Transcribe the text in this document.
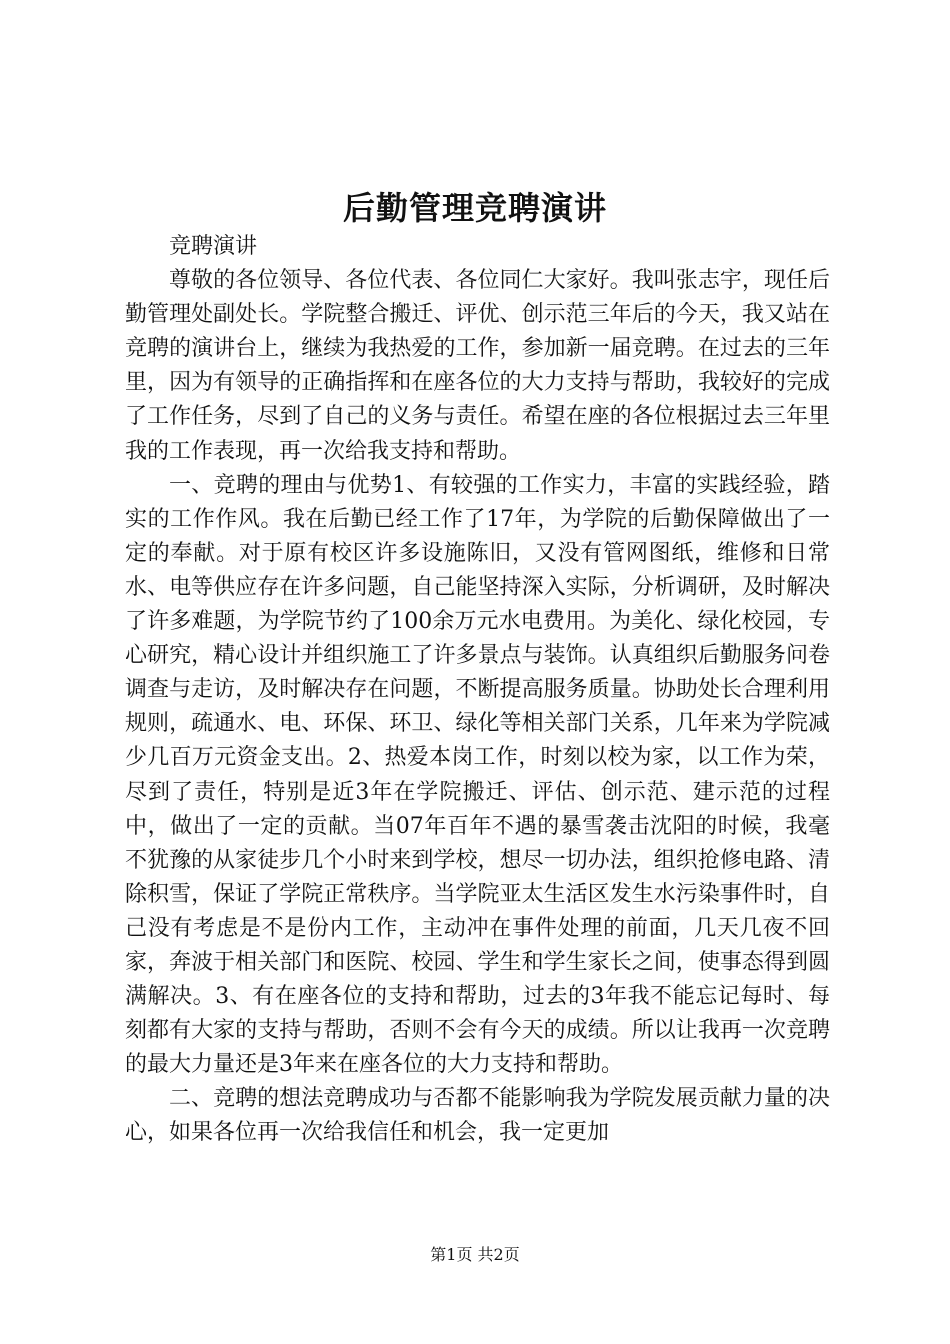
后勤管理竞聘演讲

竞聘演讲

尊敬的各位领导、各位代表、各位同仁大家好。我叫张志宇，现任后勤管理处副处长。学院整合搬迁、评优、创示范三年后的今天，我又站在竞聘的演讲台上，继续为我热爱的工作，参加新一届竞聘。在过去的三年里，因为有领导的正确指挥和在座各位的大力支持与帮助，我较好的完成了工作任务，尽到了自己的义务与责任。希望在座的各位根据过去三年里我的工作表现，再一次给我支持和帮助。

一、竞聘的理由与优势1、有较强的工作实力，丰富的实践经验，踏实的工作作风。我在后勤已经工作了17年，为学院的后勤保障做出了一定的奉献。对于原有校区许多设施陈旧，又没有管网图纸，维修和日常水、电等供应存在许多问题，自己能坚持深入实际，分析调研，及时解决了许多难题，为学院节约了100余万元水电费用。为美化、绿化校园，专心研究，精心设计并组织施工了许多景点与装饰。认真组织后勤服务问卷调查与走访，及时解决存在问题，不断提高服务质量。协助处长合理利用规则，疏通水、电、环保、环卫、绿化等相关部门关系，几年来为学院减少几百万元资金支出。2、热爱本岗工作，时刻以校为家，以工作为荣，尽到了责任，特别是近3年在学院搬迁、评估、创示范、建示范的过程中，做出了一定的贡献。当07年百年不遇的暴雪袭击沈阳的时候，我毫不犹豫的从家徒步几个小时来到学校，想尽一切办法，组织抢修电路、清除积雪，保证了学院正常秩序。当学院亚太生活区发生水污染事件时，自己没有考虑是不是份内工作，主动冲在事件处理的前面，几天几夜不回家，奔波于相关部门和医院、校园、学生和学生家长之间，使事态得到圆满解决。3、有在座各位的支持和帮助，过去的3年我不能忘记每时、每刻都有大家的支持与帮助，否则不会有今天的成绩。所以让我再一次竞聘的最大力量还是3年来在座各位的大力支持和帮助。

二、竞聘的想法竞聘成功与否都不能影响我为学院发展贡献力量的决心，如果各位再一次给我信任和机会，我一定更加

第1页 共2页
